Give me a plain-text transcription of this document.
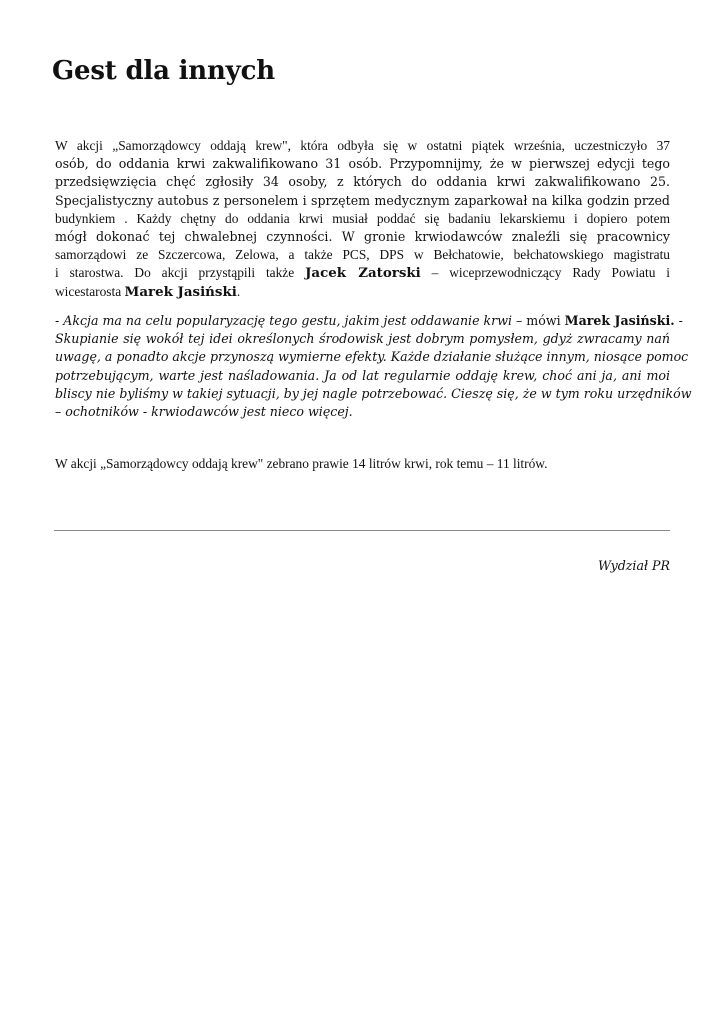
Gest dla innych
W akcji „Samorządowcy oddają krew", która odbyła się w ostatni piątek września, uczestniczyło 37
osób, do oddania krwi zakwalifikowano 31 osób. Przypomnijmy, że w pierwszej edycji tego
przedsięwzięcia chęć zgłosiły 34 osoby, z których do oddania krwi zakwalifikowano 25.
Specjalistyczny autobus z personelem i sprzętem medycznym zaparkował na kilka godzin przed
budynkiem . Każdy chętny do oddania krwi musiał poddać się badaniu lekarskiemu i dopiero potem
mógł dokonać tej chwalebnej czynności. W gronie krwiodawców znaleźli się pracownicy
samorządowi ze Szczercowa, Zelowa, a także PCS, DPS w Bełchatowie, bełchatowskiego magistratu
i starostwa. Do akcji przystąpili także Jacek Zatorski – wiceprzewodniczący Rady Powiatu i
wicestarosta Marek Jasiński.
- Akcja ma na celu popularyzację tego gestu, jakim jest oddawanie krwi – mówi Marek Jasiński. -
Skupianie się wokół tej idei określonych środowisk jest dobrym pomysłem, gdyż zwracamy nań
uwagę, a ponadto akcje przynoszą wymierne efekty. Każde działanie służące innym, niosące pomoc
potrzebującym, warte jest naśladowania. Ja od lat regularnie oddaję krew, choć ani ja, ani moi
bliscy nie byliśmy w takiej sytuacji, by jej nagle potrzebować. Cieszę się, że w tym roku urzędników
– ochotników - krwiodawców jest nieco więcej.
W akcji „Samorządowcy oddają krew" zebrano prawie 14 litrów krwi, rok temu – 11 litrów.
Wydział PR
